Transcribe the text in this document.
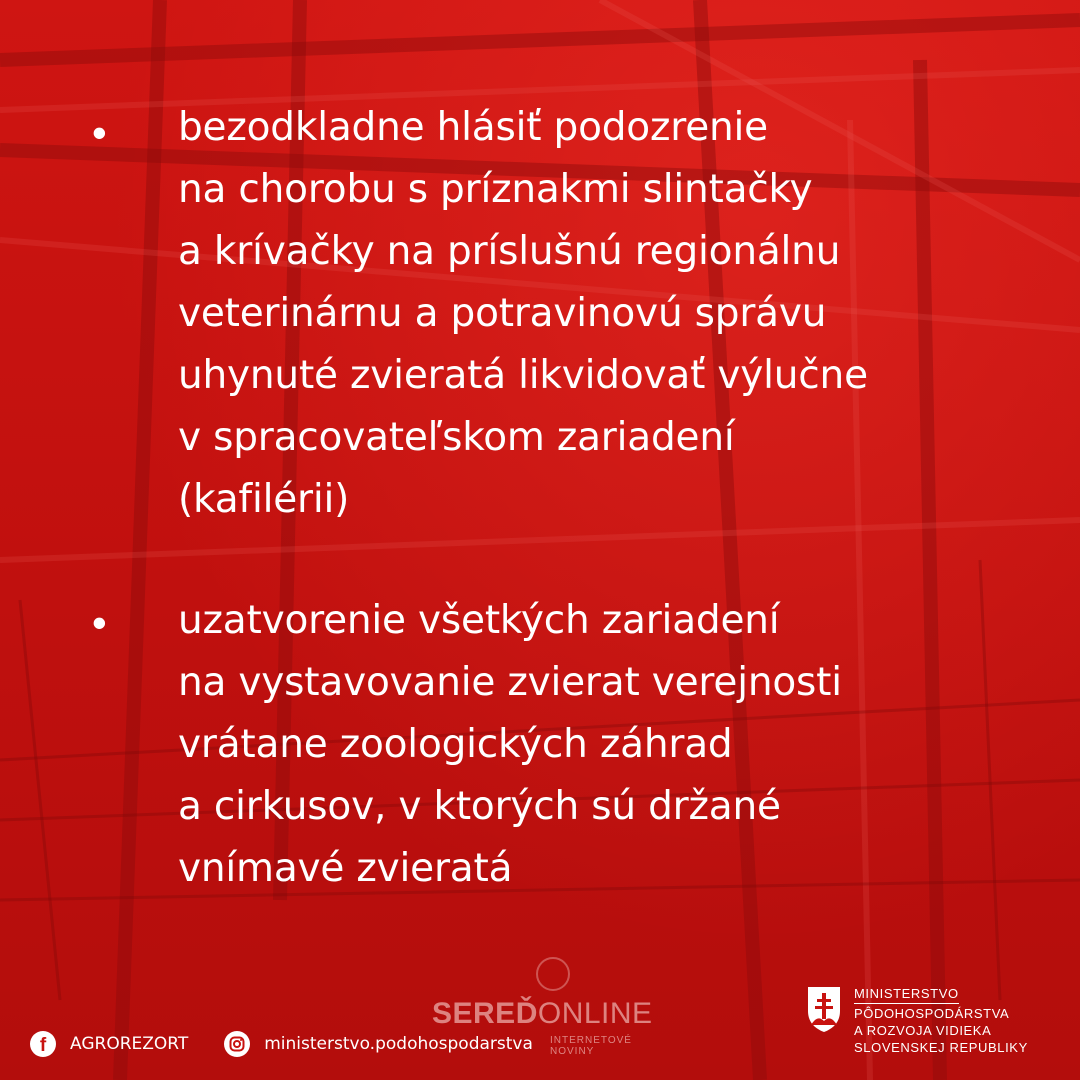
• bezodkladne hlásiť podozrenie
na chorobu s príznakmi slintačky
a krívačky na príslušnú regionálnu
veterinárnu a potravinovú správu
uhynuté zvieratá likvidovať výlučne
v spracovateľskom zariadení
(kafilérii)
• uzatvorenie všetkých zariadení
na vystavovanie zvierat verejnosti
vrátane zoologických záhrad
a cirkusov, v ktorých sú držané
vnímavé zvieratá
f AGROREZORT	ministerstvo.podohospodarstva
SEREĎONLINE
INTERNETOVÉ NOVINY
MINISTERSTVO
PÔDOHOSPODÁRSTVA
A ROZVOJA VIDIEKA
SLOVENSKEJ REPUBLIKY
